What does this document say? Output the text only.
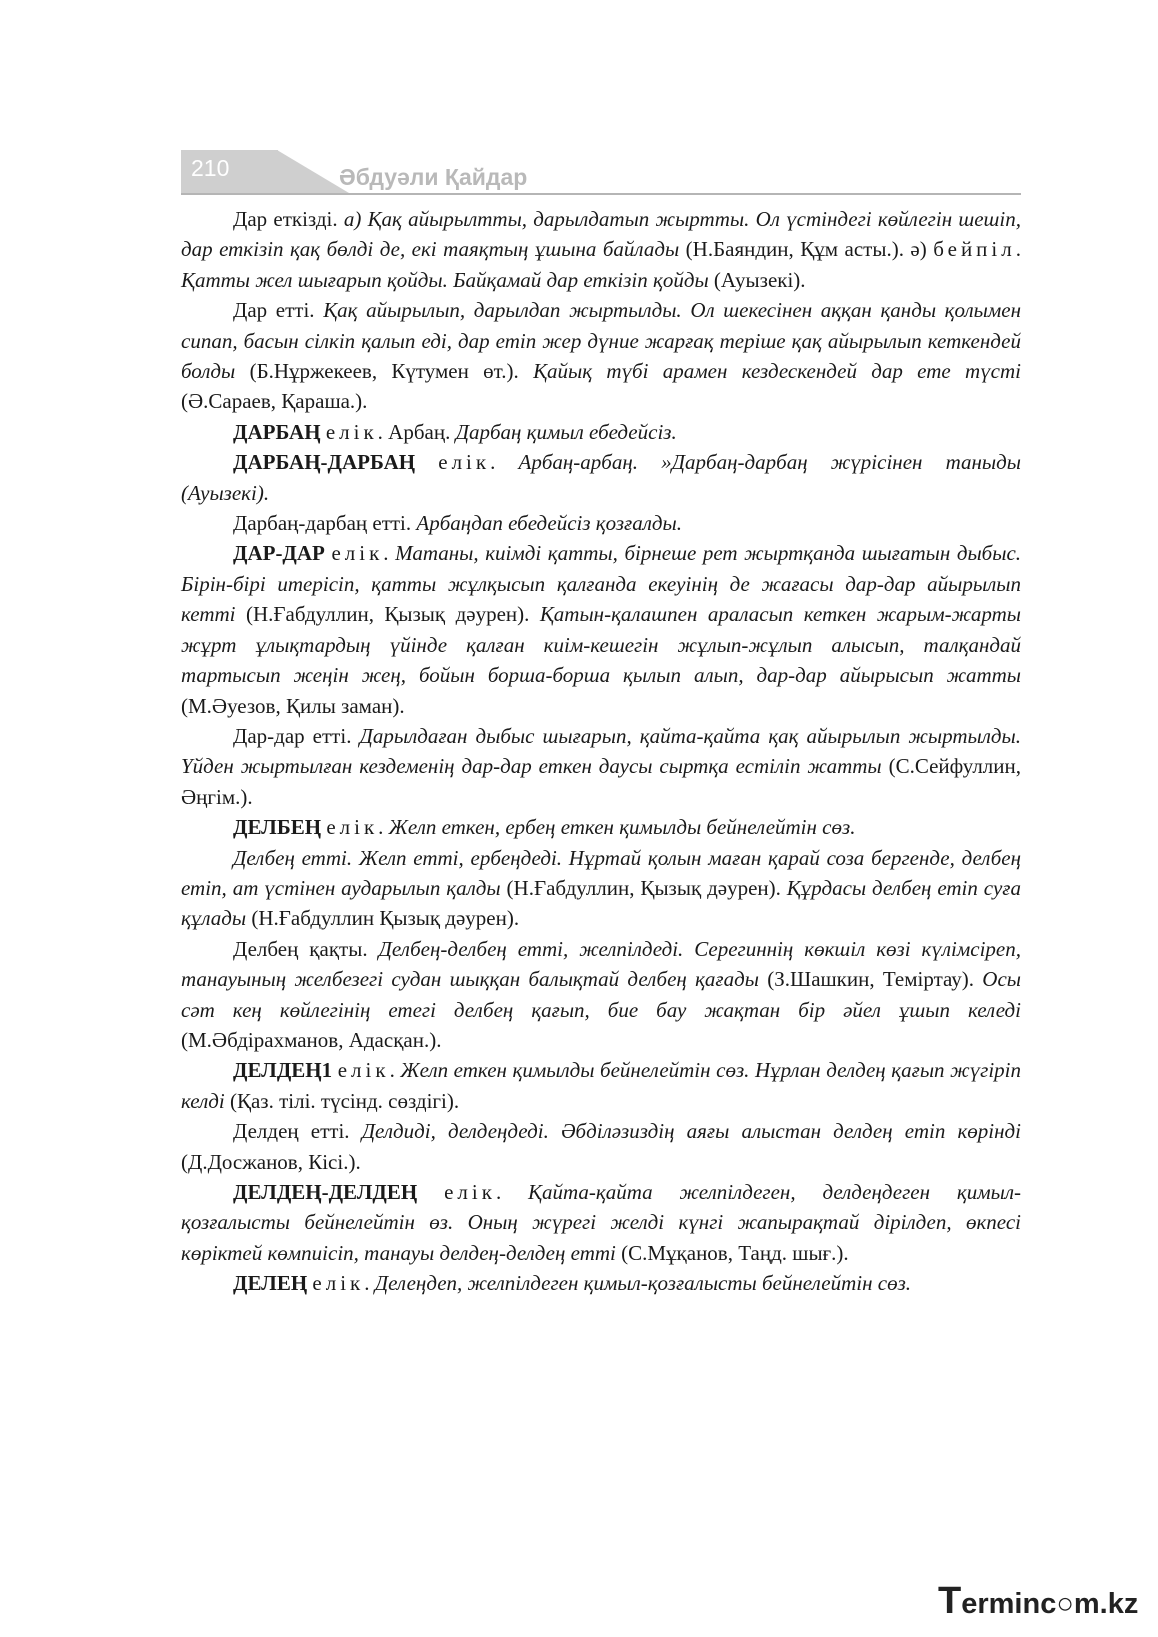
210	Әбдуәли Қайдар

Дар еткізді. а) Қақ айырылтты, дарылдатып жыртты. Ол үстіндегі көйлегін шешіп, дар еткізіп қақ бөлді де, екі таяқтың ұшына байлады (Н.Баяндин, Құм асты.). ә) бейпіл. Қатты жел шығарып қойды. Байқамай дар еткізіп қойды (Ауызекі).

Дар етті. Қақ айырылып, дарылдап жыртылды. Ол шекесінен аққан қанды қолымен сипап, басын сілкіп қалып еді, дар етіп жер дүние жарғақ теріше қақ айырылып кеткендей болды (Б.Нұржекеев, Күтумен өт.). Қайық түбі арамен кездескендей дар ете түсті (Ә.Сараев, Қараша.).

ДАРБАҢ елік. Арбаң. Дарбаң қимыл ебедейсіз.

ДАРБАҢ-ДАРБАҢ елік. Арбаң-арбаң. »Дарбаң-дарбаң жүрісінен таныды (Ауызекі).

Дарбаң-дарбаң етті. Арбаңдап ебедейсіз қозғалды.

ДАР-ДАР елік. Матаны, киімді қатты, бірнеше рет жыртқанда шығатын дыбыс. Бірін-бірі итерісіп, қатты жұлқысып қалғанда екеуінің де жағасы дар-дар айырылып кетті (Н.Ғабдуллин, Қызық дәурен). Қатын-қалашпен араласып кеткен жарым-жарты жұрт ұлықтардың үйінде қалған киім-кешегін жұлып-жұлып алысып, талқандай тартысып жеңін жең, бойын борша-борша қылып алып, дар-дар айырысып жатты (М.Әуезов, Қилы заман).

Дар-дар етті. Дарылдаған дыбыс шығарып, қайта-қайта қақ айырылып жыртылды. Үйден жыртылған кездеменің дар-дар еткен даусы сыртқа естіліп жатты (С.Сейфуллин, Әңгім.).

ДЕЛБЕҢ елік. Желп еткен, ербең еткен қимылды бейнелейтін сөз.

Делбең етті. Желп етті, ербеңдеді. Нұртай қолын маған қарай соза бергенде, делбең етіп, ат үстінен аударылып қалды (Н.Ғабдуллин, Қызық дәурен). Құрдасы делбең етіп суға құлады (Н.Ғабдуллин Қызық дәурен).

Делбең қақты. Делбең-делбең етті, желпілдеді. Серегиннің көкшіл көзі күлімсіреп, танауының желбезегі судан шыққан балықтай делбең қағады (З.Шашкин, Теміртау). Осы сәт кең көйлегінің етегі делбең қағып, бие бау жақтан бір әйел ұшып келеді (М.Әбдірахманов, Адасқан.).

ДЕЛДЕҢ1 елік. Желп еткен қимылды бейнелейтін сөз. Нұрлан делдең қағып жүгіріп келді (Қаз. тілі. түсінд. сөздігі).

Делдең етті. Делдиді, делдеңдеді. Әбділәзиздің аяғы алыстан делдең етіп көрінді (Д.Досжанов, Кісі.).

ДЕЛДЕҢ-ДЕЛДЕҢ елік. Қайта-қайта желпілдеген, делдеңдеген қимыл-қозғалысты бейнелейтін өз. Оның жүрегі желді күнгі жапырақтай дірілдеп, өкпесі көріктей көмпиісіп, танауы делдең-делдең етті (С.Мұқанов, Таңд. шығ.).

ДЕЛЕҢ елік. Делеңдеп, желпілдеген қимыл-қозғалысты бейнелейтін сөз.

Terminc○m.kz
